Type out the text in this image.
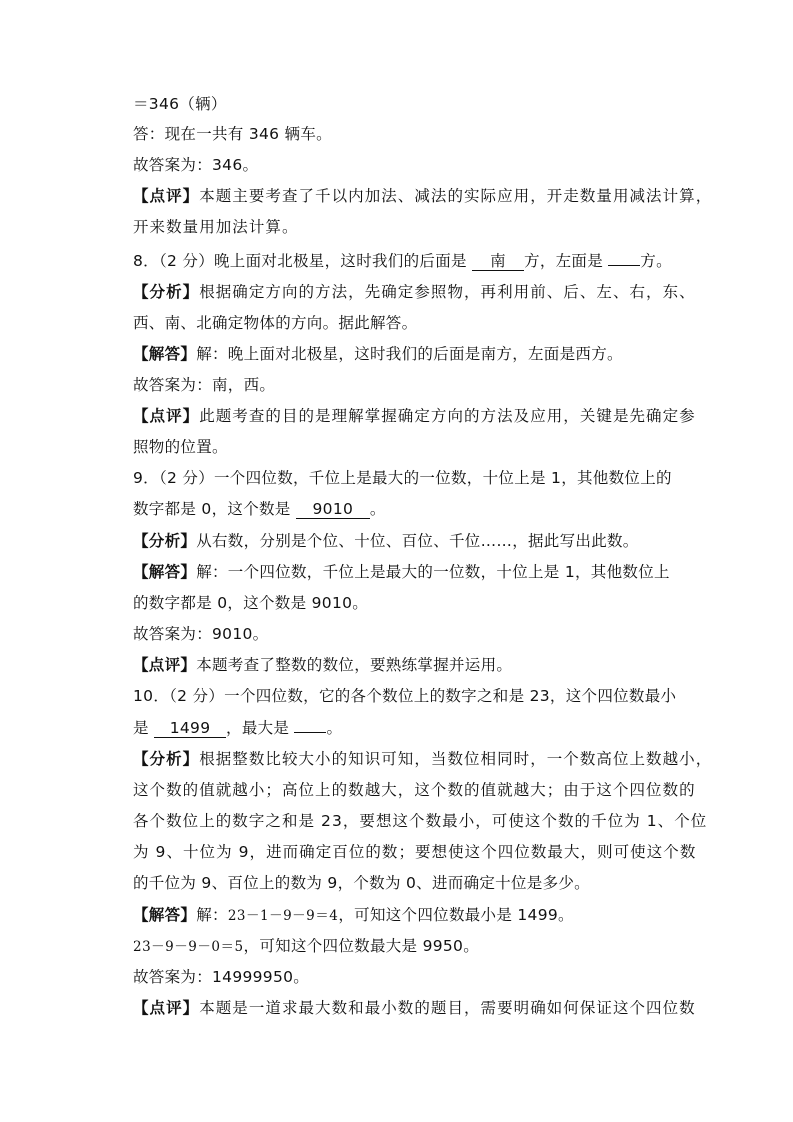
＝346（辆）
答：现在一共有 346 辆车。
故答案为：346。
【点评】本题主要考查了千以内加法、减法的实际应用，开走数量用减法计算，
开来数量用加法计算。
8．（2 分）晚上面对北极星，这时我们的后面是 南 方，左面是 方。
【分析】根据确定方向的方法，先确定参照物，再利用前、后、左、右，东、
西、南、北确定物体的方向。据此解答。
【解答】解：晚上面对北极星，这时我们的后面是南方，左面是西方。
故答案为：南，西。
【点评】此题考查的目的是理解掌握确定方向的方法及应用，关键是先确定参
照物的位置。
9．（2 分）一个四位数，千位上是最大的一位数，十位上是 1，其他数位上的
数字都是 0，这个数是 9010 。
【分析】从右数，分别是个位、十位、百位、千位……，据此写出此数。
【解答】解：一个四位数，千位上是最大的一位数，十位上是 1，其他数位上
的数字都是 0，这个数是 9010。
故答案为：9010。
【点评】本题考查了整数的数位，要熟练掌握并运用。
10．（2 分）一个四位数，它的各个数位上的数字之和是 23，这个四位数最小
是 1499 ，最大是 。
【分析】根据整数比较大小的知识可知，当数位相同时，一个数高位上数越小，
这个数的值就越小；高位上的数越大，这个数的值就越大；由于这个四位数的
各个数位上的数字之和是 23，要想这个数最小，可使这个数的千位为 1、个位
为 9、十位为 9，进而确定百位的数；要想使这个四位数最大，则可使这个数
的千位为 9、百位上的数为 9，个数为 0、进而确定十位是多少。
【解答】解：23－1－9－9＝4，可知这个四位数最小是 1499。
23－9－9－0＝5，可知这个四位数最大是 9950。
故答案为：14999950。
【点评】本题是一道求最大数和最小数的题目，需要明确如何保证这个四位数
